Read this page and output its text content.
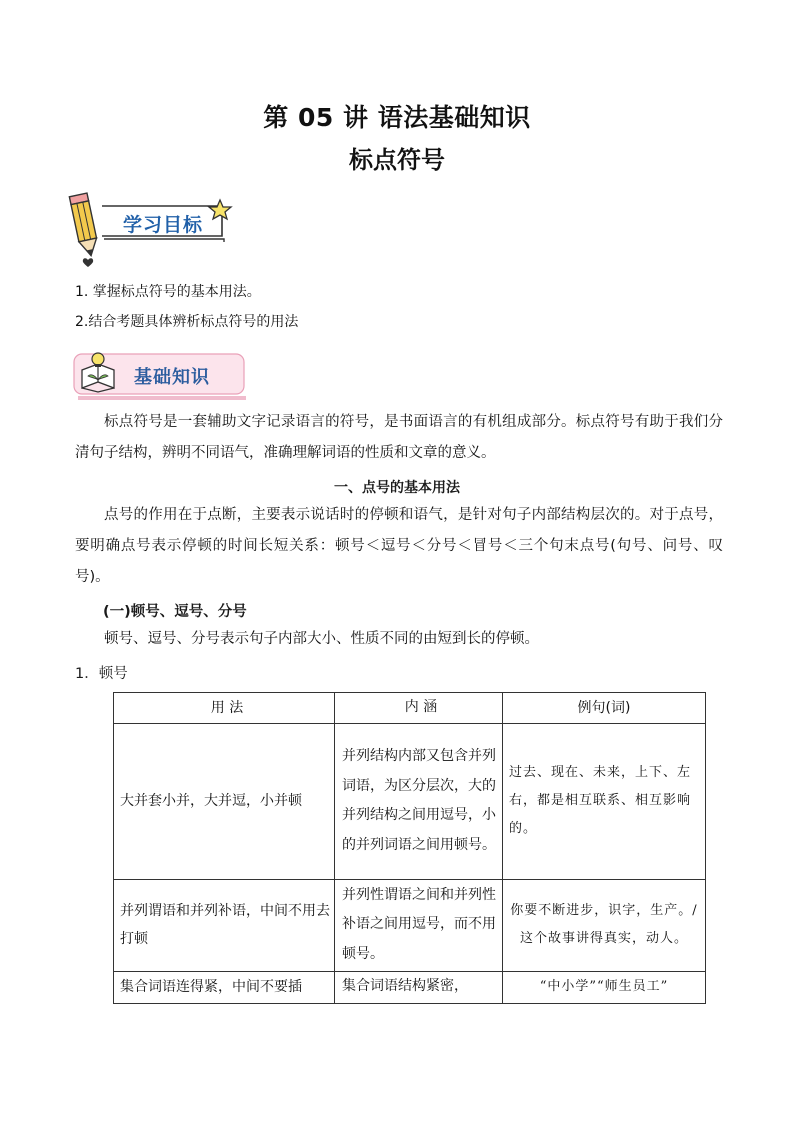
第 05 讲 语法基础知识
标点符号
学习目标
1. 掌握标点符号的基本用法。
2.结合考题具体辨析标点符号的用法
基础知识
标点符号是一套辅助文字记录语言的符号，是书面语言的有机组成部分。标点符号有助于我们分清句子结构，辨明不同语气，准确理解词语的性质和文章的意义。
一、点号的基本用法
点号的作用在于点断，主要表示说话时的停顿和语气，是针对句子内部结构层次的。对于点号，要明确点号表示停顿的时间长短关系：顿号＜逗号＜分号＜冒号＜三个句末点号(句号、问号、叹号)。
(一)顿号、逗号、分号
顿号、逗号、分号表示句子内部大小、性质不同的由短到长的停顿。
1．顿号
用 法	内 涵	例句(词)
大并套小并，大并逗，小并顿	并列结构内部又包含并列词语，为区分层次，大的并列结构之间用逗号，小的并列词语之间用顿号。	过去、现在、未来，上下、左右，都是相互联系、相互影响的。
并列谓语和并列补语，中间不用去打顿	并列性谓语之间和并列性补语之间用逗号，而不用顿号。	你要不断进步，识字，生产。/这个故事讲得真实，动人。
集合词语连得紧，中间不要插	集合词语结构紧密，	“中小学”“师生员工”
